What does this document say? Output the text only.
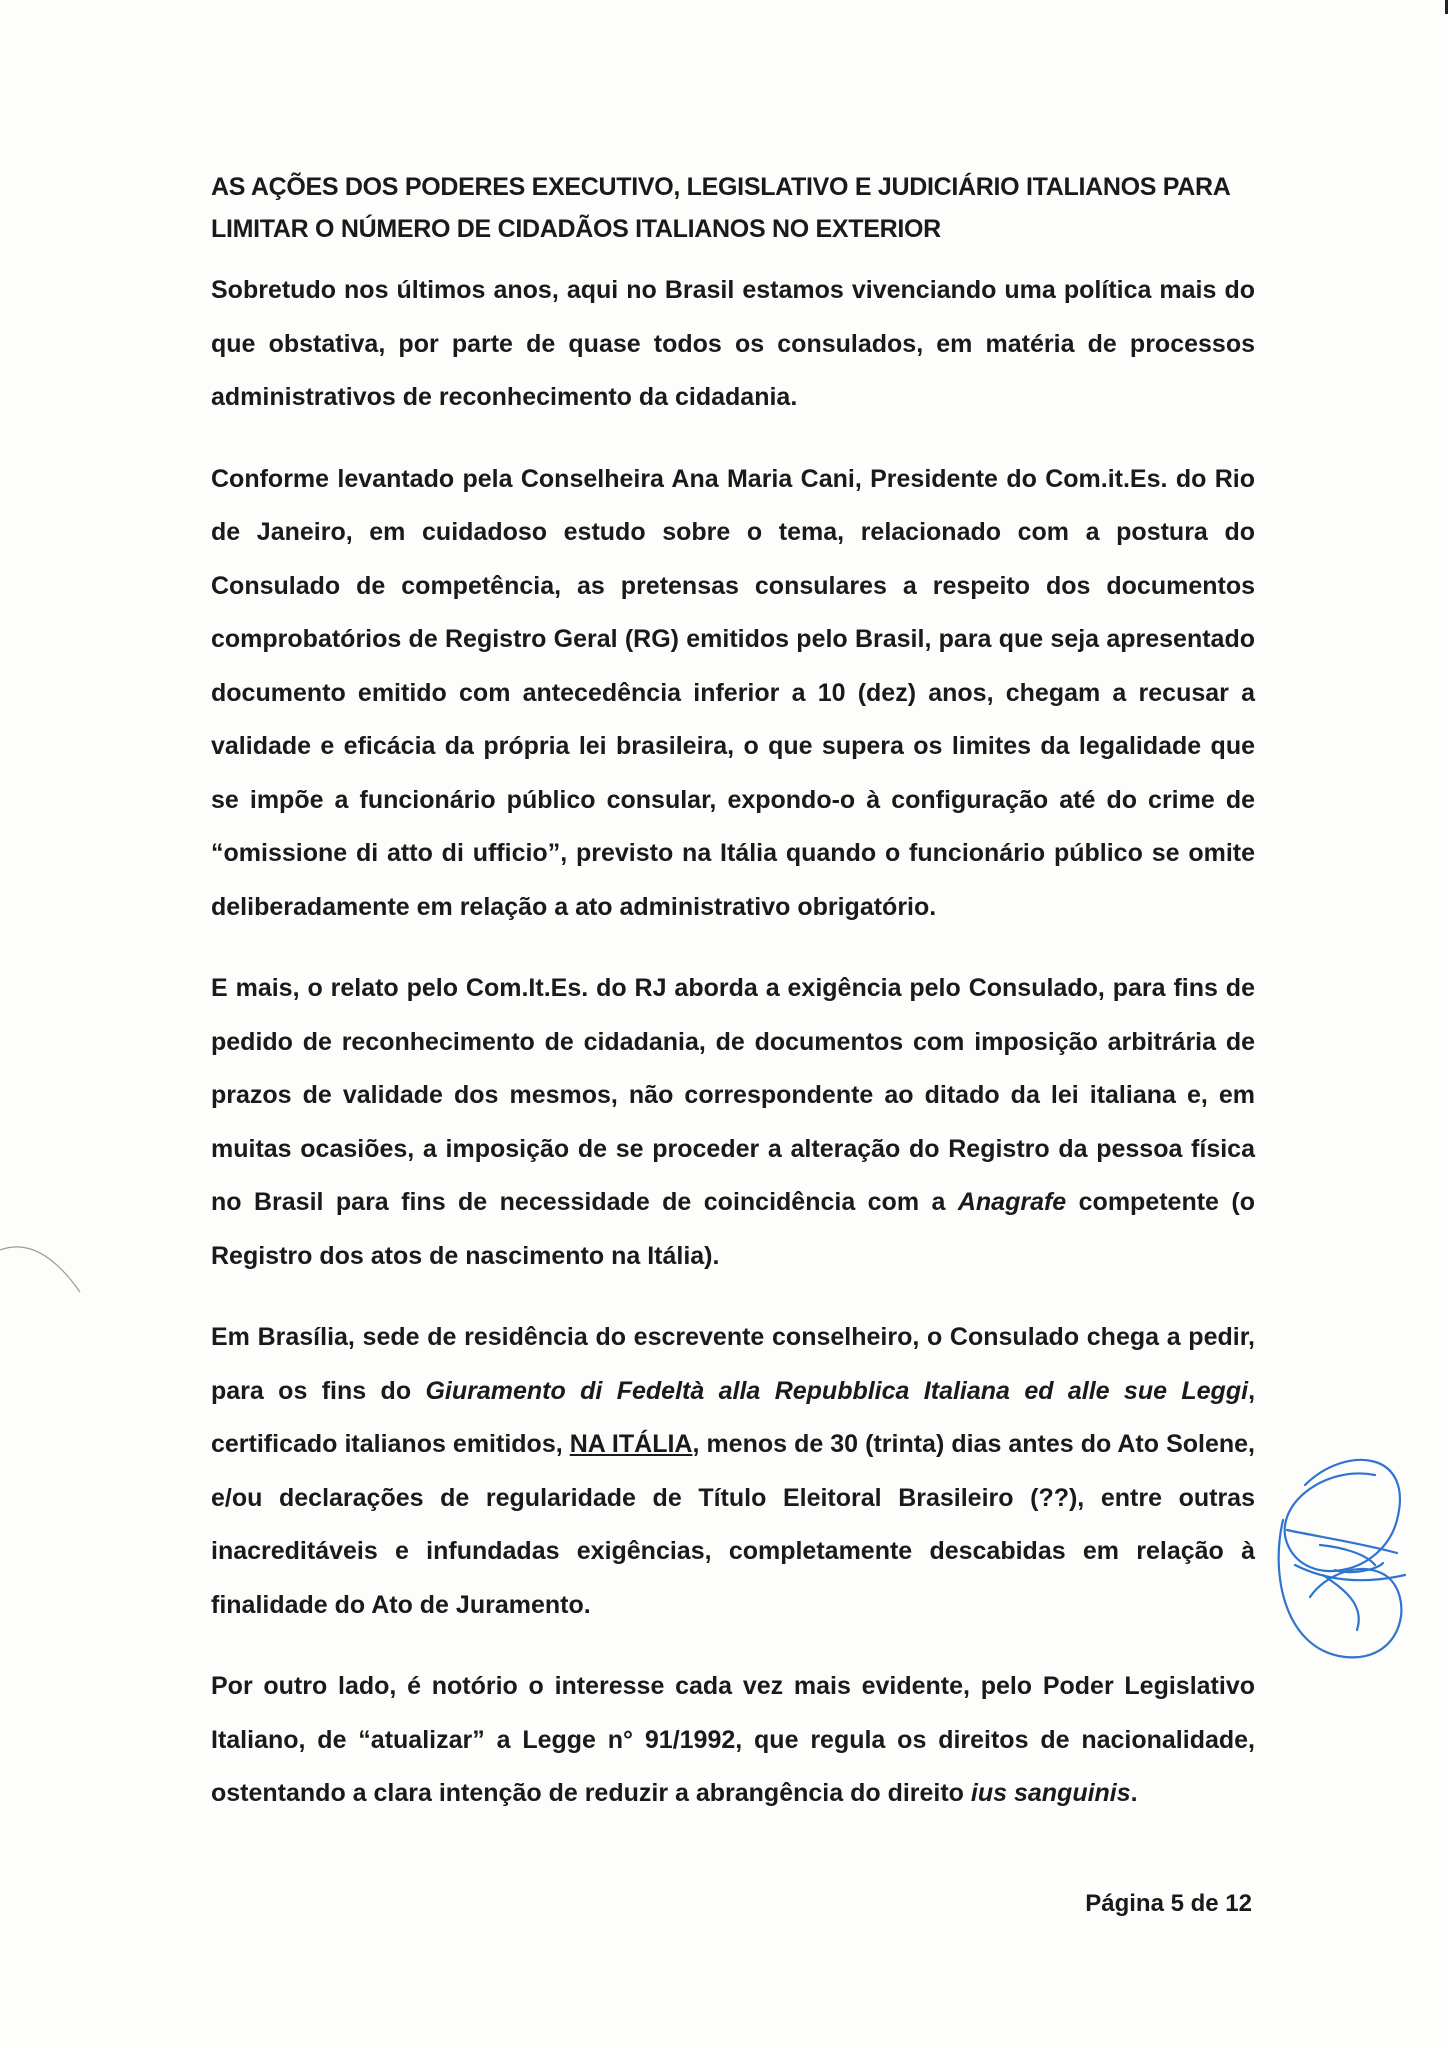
AS AÇÕES DOS PODERES EXECUTIVO, LEGISLATIVO E JUDICIÁRIO ITALIANOS PARA LIMITAR O NÚMERO DE CIDADÃOS ITALIANOS NO EXTERIOR

Sobretudo nos últimos anos, aqui no Brasil estamos vivenciando uma política mais do que obstativa, por parte de quase todos os consulados, em matéria de processos administrativos de reconhecimento da cidadania.

Conforme levantado pela Conselheira Ana Maria Cani, Presidente do Com.it.Es. do Rio de Janeiro, em cuidadoso estudo sobre o tema, relacionado com a postura do Consulado de competência, as pretensas consulares a respeito dos documentos comprobatórios de Registro Geral (RG) emitidos pelo Brasil, para que seja apresentado documento emitido com antecedência inferior a 10 (dez) anos, chegam a recusar a validade e eficácia da própria lei brasileira, o que supera os limites da legalidade que se impõe a funcionário público consular, expondo-o à configuração até do crime de “omissione di atto di ufficio”, previsto na Itália quando o funcionário público se omite deliberadamente em relação a ato administrativo obrigatório.

E mais, o relato pelo Com.It.Es. do RJ aborda a exigência pelo Consulado, para fins de pedido de reconhecimento de cidadania, de documentos com imposição arbitrária de prazos de validade dos mesmos, não correspondente ao ditado da lei italiana e, em muitas ocasiões, a imposição de se proceder a alteração do Registro da pessoa física no Brasil para fins de necessidade de coincidência com a Anagrafe competente (o Registro dos atos de nascimento na Itália).

Em Brasília, sede de residência do escrevente conselheiro, o Consulado chega a pedir, para os fins do Giuramento di Fedeltà alla Repubblica Italiana ed alle sue Leggi, certificado italianos emitidos, NA ITÁLIA, menos de 30 (trinta) dias antes do Ato Solene, e/ou declarações de regularidade de Título Eleitoral Brasileiro (??), entre outras inacreditáveis e infundadas exigências, completamente descabidas em relação à finalidade do Ato de Juramento.

Por outro lado, é notório o interesse cada vez mais evidente, pelo Poder Legislativo Italiano, de “atualizar” a Legge n° 91/1992, que regula os direitos de nacionalidade, ostentando a clara intenção de reduzir a abrangência do direito ius sanguinis.

Página 5 de 12
